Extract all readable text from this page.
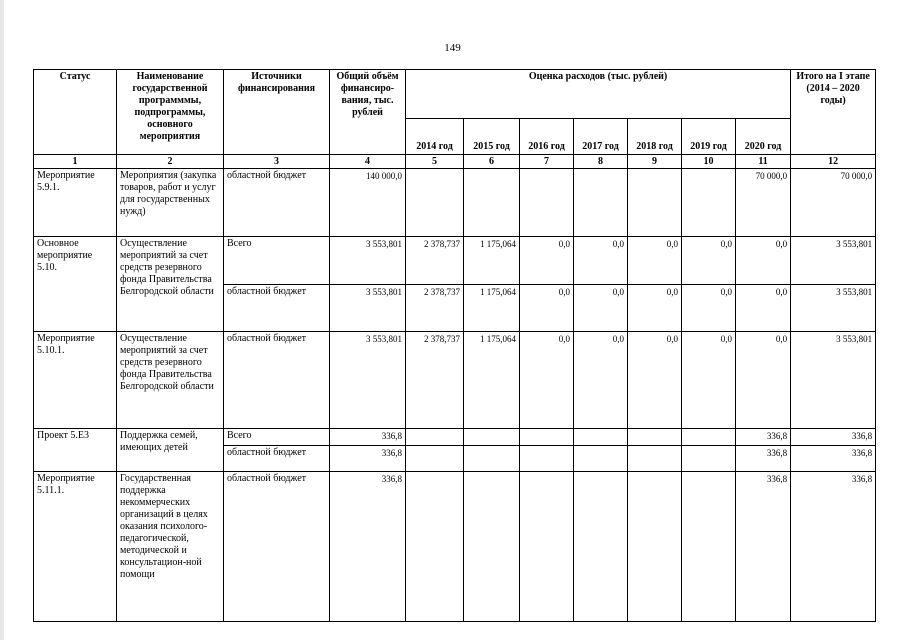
149
Статус	Наименование государственной программмы, подпрограммы, основного мероприятия	Источники финансирования	Общий объём финансиро-вания, тыс. рублей	Оценка расходов (тыс. рублей)							Итого на I этапе (2014 – 2020 годы)
				2014 год	2015 год	2016 год	2017 год	2018 год	2019 год	2020 год	
1	2	3	4	5	6	7	8	9	10	11	12
Мероприятие 5.9.1.	Мероприятия (закупка товаров, работ и услуг для государственных нужд)	областной бюджет	140 000,0							70 000,0	70 000,0
Основное мероприятие 5.10.	Осуществление мероприятий за счет средств резервного фонда Правительства Белгородской области	Всего	3 553,801	2 378,737	1 175,064	0,0	0,0	0,0	0,0	0,0	3 553,801
		областной бюджет	3 553,801	2 378,737	1 175,064	0,0	0,0	0,0	0,0	0,0	3 553,801
Мероприятие 5.10.1.	Осуществление мероприятий за счет средств резервного фонда Правительства Белгородской области	областной бюджет	3 553,801	2 378,737	1 175,064	0,0	0,0	0,0	0,0	0,0	3 553,801
Проект 5.Е3	Поддержка семей, имеющих детей	Всего	336,8							336,8	336,8
		областной бюджет	336,8							336,8	336,8
Мероприятие 5.11.1.	Государственная поддержка некоммерческих организаций в целях оказания психолого-педагогической, методической и консультацион-ной помощи	областной бюджет	336,8							336,8	336,8
